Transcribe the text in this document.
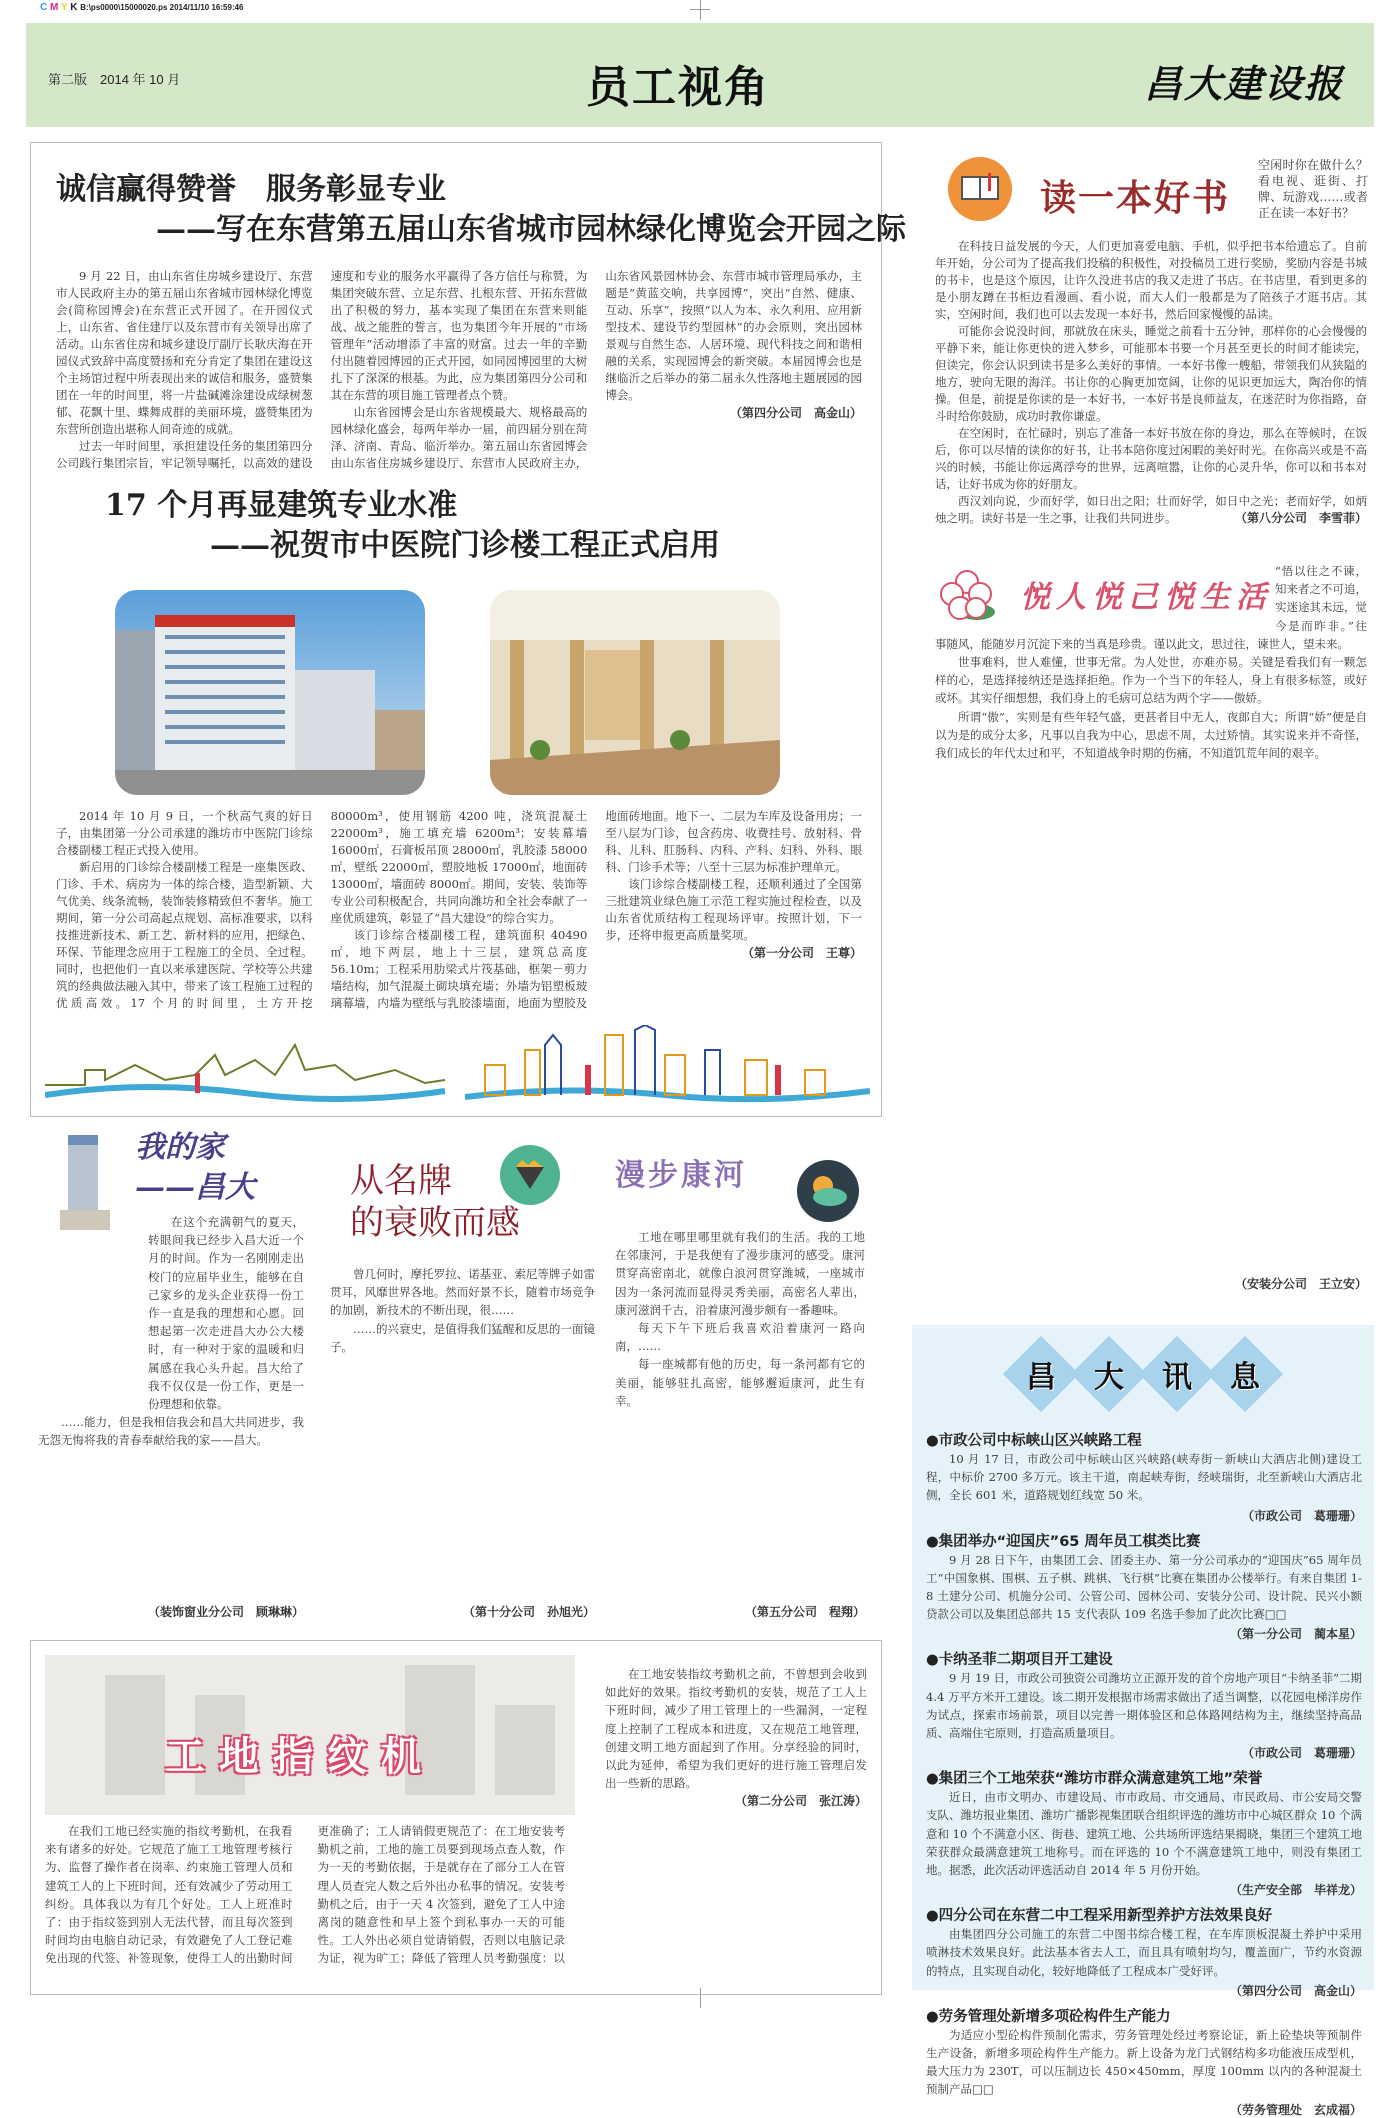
C M Y K B:\ps0000\15000020.ps 2014/11/10 16:59:46
第二版　2014 年 10 月	员工视角	昌大建设报
诚信赢得赞誉　服务彰显专业
——写在东营第五届山东省城市园林绿化博览会开园之际

9 月 22 日，由山东省住房城乡建设厅、东营市人民政府主办的第五届山东省城市园林绿化博览会(简称园博会)在东营正式开园了。在开园仪式上，山东省、省住建厅以及东营市有关领导出席了活动。山东省住房和城乡建设厅副厅长耿庆海在开园仪式致辞中高度赞扬和充分肯定了集团在建设这个主场馆过程中所表现出来的诚信和服务，盛赞集团在一年的时间里，将一片盐碱滩涂建设成绿树葱郁、花飘十里、蝶舞成群的美丽环境，盛赞集团为东营所创造出堪称人间奇迹的成就。

过去一年时间里，承担建设任务的集团第四分公司践行集团宗旨，牢记领导嘱托，以高效的建设速度和专业的服务水平赢得了各方信任与称赞，为集团突破东营、立足东营、扎根东营、开拓东营做出了积极的努力，基本实现了集团在东营来则能战、战之能胜的誓言，也为集团今年开展的“市场管理年”活动增添了丰富的财富。过去一年的辛勤付出随着园博园的正式开园，如同园博园里的大树扎下了深深的根基。为此，应为集团第四分公司和其在东营的项目施工管理者点个赞。

山东省园博会是山东省规模最大、规格最高的园林绿化盛会，每两年举办一届，前四届分别在菏泽、济南、青岛、临沂举办。第五届山东省园博会由山东省住房城乡建设厅、东营市人民政府主办，山东省风景园林协会、东营市城市管理局承办，主题是“黄蓝交响，共享园博”，突出“自然、健康、互动、乐享”，按照“以人为本、永久利用、应用新型技术、建设节约型园林”的办会原则，突出园林景观与自然生态、人居环境、现代科技之间和谐相融的关系，实现园博会的新突破。本届园博会也是继临沂之后举办的第二届永久性落地主题展园的园博会。

（第四分公司　高金山）
17 个月再显建筑专业水准
——祝贺市中医院门诊楼工程正式启用

2014 年 10 月 9 日，一个秋高气爽的好日子，由集团第一分公司承建的潍坊市中医院门诊综合楼副楼工程正式投入使用。

新启用的门诊综合楼副楼工程是一座集医政、门诊、手术、病房为一体的综合楼，造型新颖、大气优美、线条流畅，装饰装修精致但不奢华。施工期间，第一分公司高起点规划、高标准要求，以科技推进新技术、新工艺、新材料的应用，把绿色、环保、节能理念应用于工程施工的全员、全过程。同时，也把他们一直以来承建医院、学校等公共建筑的经典做法融入其中，带来了该工程施工过程的优质高效。17 个月的时间里，土方开挖 80000m³，使用钢筋 4200 吨，浇筑混凝土 22000m³，施工填充墙 6200m³；安装幕墙 16000㎡，石膏板吊顶 28000㎡，乳胶漆 58000㎡，壁纸 22000㎡，塑胶地板 17000㎡，地面砖 13000㎡，墙面砖 8000㎡。期间，安装、装饰等专业公司积极配合，共同向潍坊和全社会奉献了一座优质建筑，彰显了“昌大建设”的综合实力。

该门诊综合楼副楼工程，建筑面积 40490㎡，地下两层，地上十三层，建筑总高度 56.10m；工程采用肋梁式片筏基础，框架－剪力墙结构，加气混凝土砌块填充墙；外墙为铝塑板玻璃幕墙，内墙为壁纸与乳胶漆墙面，地面为塑胶及地面砖地面。地下一、二层为车库及设备用房；一至八层为门诊，包含药房、收费挂号、放射科、骨科、儿科、肛肠科、内科、产科、妇科、外科、眼科、门诊手术等；八至十三层为标准护理单元。

该门诊综合楼副楼工程，还顺利通过了全国第三批建筑业绿色施工示范工程实施过程检查，以及山东省优质结构工程现场评审。按照计划，下一步，还将申报更高质量奖项。

（第一分公司　王尊）
我的家
——昌大

在这个充满朝气的夏天，转眼间我已经步入昌大近一个月的时间。作为一名刚刚走出校门的应届毕业生，能够在自己家乡的龙头企业获得一份工作一直是我的理想和心愿。回想起第一次走进昌大办公大楼时，有一种对于家的温暖和归属感在我心头升起。昌大给了我不仅仅是一份工作，更是一份理想和依靠。

……能力，但是我相信我会和昌大共同进步，我无怨无悔将我的青春奉献给我的家——昌大。

（装饰窗业分公司　顾琳琳）
从名牌
的衰败而感

曾几何时，摩托罗拉、诺基亚、索尼等牌子如雷贯耳，风靡世界各地。然而好景不长，随着市场竞争的加剧，新技术的不断出现，很……

……的兴衰史，是值得我们猛醒和反思的一面镜子。

（第十分公司　孙旭光）
漫步康河

工地在哪里哪里就有我们的生活。我的工地在邻康河，于是我便有了漫步康河的感受。康河贯穿高密南北，就像白浪河贯穿潍城，一座城市因为一条河流而显得灵秀美丽，高密名人辈出，康河滋润千古，沿着康河漫步颇有一番趣味。

每天下午下班后我喜欢沿着康河一路向南，……

每一座城都有他的历史，每一条河都有它的美丽，能够驻扎高密，能够邂逅康河，此生有幸。

（第五分公司　程翔）
工地指纹机

在我们工地已经实施的指纹考勤机，在我看来有诸多的好处。它规范了施工工地管理考核行为、监督了操作者在岗率、约束施工管理人员和建筑工人的上下班时间，还有效减少了劳动用工纠纷。具体我以为有几个好处。工人上班准时了：由于指纹签到别人无法代替，而且每次签到时间均由电脑自动记录，有效避免了人工登记难免出现的代签、补签现象，使得工人的出勤时间更准确了；工人请销假更规范了：在工地安装考勤机之前，工地的施工员要到现场点查人数，作为一天的考勤依据，于是就存在了部分工人在管理人员查完人数之后外出办私事的情况。安装考勤机之后，由于一天 4 次签到，避免了工人中途离岗的随意性和早上签个到私事办一天的可能性。工人外出必须自觉请销假，否则以电脑记录为证，视为旷工；降低了管理人员考勤强度：以

在工地安装指纹考勤机之前，不曾想到会收到如此好的效果。指纹考勤机的安装，规范了工人上下班时间，减少了用工管理上的一些漏洞，一定程度上控制了工程成本和进度，又在规范工地管理，创建文明工地方面起到了作用。分享经验的同时，以此为延伸，希望为我们更好的进行施工管理启发出一些新的思路。

（第二分公司　张江涛）
读一本好书
空闲时你在做什么？看电视、逛街、打牌、玩游戏……或者正在读一本好书？

在科技日益发展的今天，人们更加喜爱电脑、手机，似乎把书本给遗忘了。自前年开始，分公司为了提高我们投稿的积极性，对投稿员工进行奖励，奖励内容是书城的书卡，也是这个原因，让许久没进书店的我又走进了书店。在书店里，看到更多的是小朋友蹲在书柜边看漫画、看小说，而大人们一般都是为了陪孩子才逛书店。其实，空闲时间，我们也可以去发现一本好书，然后回家慢慢的品读。

可能你会说没时间，那就放在床头，睡觉之前看十五分钟，那样你的心会慢慢的平静下来，能让你更快的进入梦乡，可能那本书要一个月甚至更长的时间才能读完，但读完，你会认识到读书是多么美好的事情。一本好书像一艘船，带领我们从狭隘的地方，驶向无限的海洋。书让你的心胸更加宽阔，让你的见识更加远大，陶冶你的情操。但是，前提是你读的是一本好书，一本好书是良师益友，在迷茫时为你指路，奋斗时给你鼓励，成功时教你谦虚。

在空闲时，在忙碌时，别忘了准备一本好书放在你的身边，那么在等候时，在饭后，你可以尽情的读你的好书，让书本陪你度过闲暇的美好时光。在你高兴或是不高兴的时候，书能让你远离浮夸的世界，远离喧嚣，让你的心灵升华，你可以和书本对话，让好书成为你的好朋友。

西汉刘向说，少而好学，如日出之阳；壮而好学，如日中之光；老而好学，如炳烛之明。读好书是一生之事，让我们共同进步。	（第八分公司　李雪菲）

悦人悦己悦生活

“悟以往之不谏，知来者之不可追，实迷途其未远，觉今是而昨非。”往事随风，能随岁月沉淀下来的当真是珍贵。谨以此文，思过往，谏世人，望未来。

世事难料，世人难懂，世事无常。为人处世，亦难亦易。关键是看我们有一颗怎样的心，是选择接纳还是选择拒绝。作为一个当下的年轻人，身上有很多标签，或好或坏。其实仔细想想，我们身上的毛病可总结为两个字——傲娇。

所谓“傲”，实则是有些年轻气盛，更甚者目中无人，夜郎自大；所谓“娇”便是自以为是的成分太多，凡事以自我为中心，思虑不周，太过矫情。其实说来并不奇怪，我们成长的年代太过和平，不知道战争时期的伤痛，不知道饥荒年间的艰辛。

（安装分公司　王立安）
昌 大 讯 息
●市政公司中标峡山区兴峡路工程

10 月 17 日，市政公司中标峡山区兴峡路(峡寿街－新峡山大酒店北侧)建设工程，中标价 2700 多万元。该主干道，南起峡寿街，经峡瑞街，北至新峡山大酒店北侧，全长 601 米，道路规划红线宽 50 米。

（市政公司　葛珊珊）
●集团举办“迎国庆”65 周年员工棋类比赛

9 月 28 日下午，由集团工会、团委主办、第一分公司承办的“迎国庆”65 周年员工“中国象棋、围棋、五子棋、跳棋、飞行棋”比赛在集团办公楼举行。有来自集团 1-8 土建分公司、机施分公司、公管公司、园林公司、安装分公司、设计院、民兴小额贷款公司以及集团总部共 15 支代表队 109 名选手参加了此次比赛□□

（第一分公司　蔺本星）
●卡纳圣菲二期项目开工建设

9 月 19 日，市政公司独资公司潍坊立正源开发的首个房地产项目“卡纳圣菲”二期 4.4 万平方米开工建设。该二期开发根据市场需求做出了适当调整，以花园电梯洋房作为试点，探索市场前景，项目以完善一期体验区和总体路网结构为主，继续坚持高品质、高端住宅原则，打造高质量项目。

（市政公司　葛珊珊）
●集团三个工地荣获“潍坊市群众满意建筑工地”荣誉

近日，由市文明办、市建设局、市市政局、市交通局、市民政局、市公安局交警支队、潍坊报业集团、潍坊广播影视集团联合组织评选的潍坊市中心城区群众 10 个满意和 10 个不满意小区、街巷、建筑工地、公共场所评选结果揭晓，集团三个建筑工地荣获群众最满意建筑工地称号。而在评选的 10 个不满意建筑工地中，则没有集团工地。据悉，此次活动评选活动自 2014 年 5 月份开始。

（生产安全部　毕祥龙）
●四分公司在东营二中工程采用新型养护方法效果良好

由集团四分公司施工的东营二中图书综合楼工程，在车库顶板混凝土养护中采用喷淋技术效果良好。此法基本省去人工，而且具有喷射均匀，覆盖面广，节约水资源的特点，且实现自动化，较好地降低了工程成本广受好评。

（第四分公司　高金山）
●劳务管理处新增多项砼构件生产能力

为适应小型砼构件预制化需求，劳务管理处经过考察论证，新上砼垫块等预制件生产设备，新增多项砼构件生产能力。新上设备为龙门式钢结构多功能液压成型机，最大压力为 230T，可以压制边长 450×450mm，厚度 100mm 以内的各种混凝土预制产品□□

（劳务管理处　玄成福）
